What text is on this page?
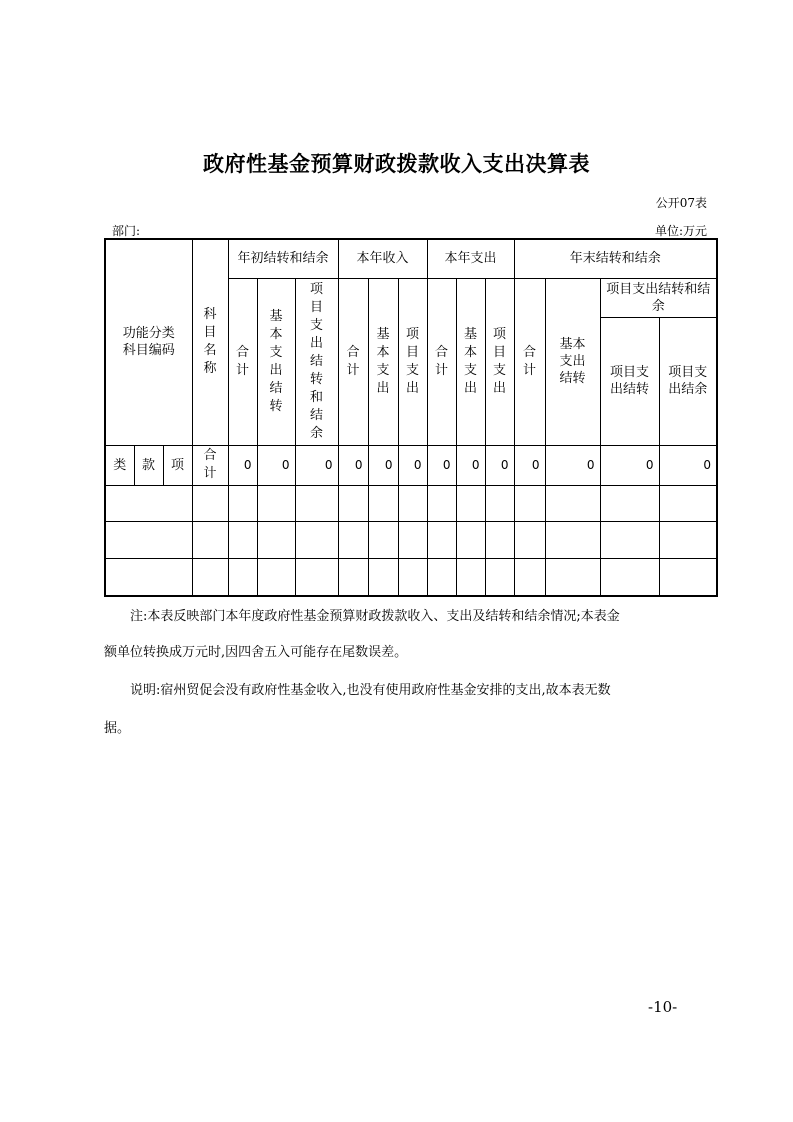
政府性基金预算财政拨款收入支出决算表
公开07表
部门:	单位:万元
功能分类科目编码			科目名称	年初结转和结余			本年收入			本年支出			年末结转和结余			
				合计	基本支出结转	项目支出结转和结余	合计	基本支出	项目支出	合计	基本支出	项目支出	合计	基本支出结转	项目支出结转和结余	

															项目支出结转	项目支出结余

类	款	项	合计	0	0	0	0	0	0	0	0	0	0	0	0	0

注:本表反映部门本年度政府性基金预算财政拨款收入、支出及结转和结余情况;本表金
额单位转换成万元时,因四舍五入可能存在尾数误差。
说明:宿州贸促会没有政府性基金收入,也没有使用政府性基金安排的支出,故本表无数
据。
-10-
